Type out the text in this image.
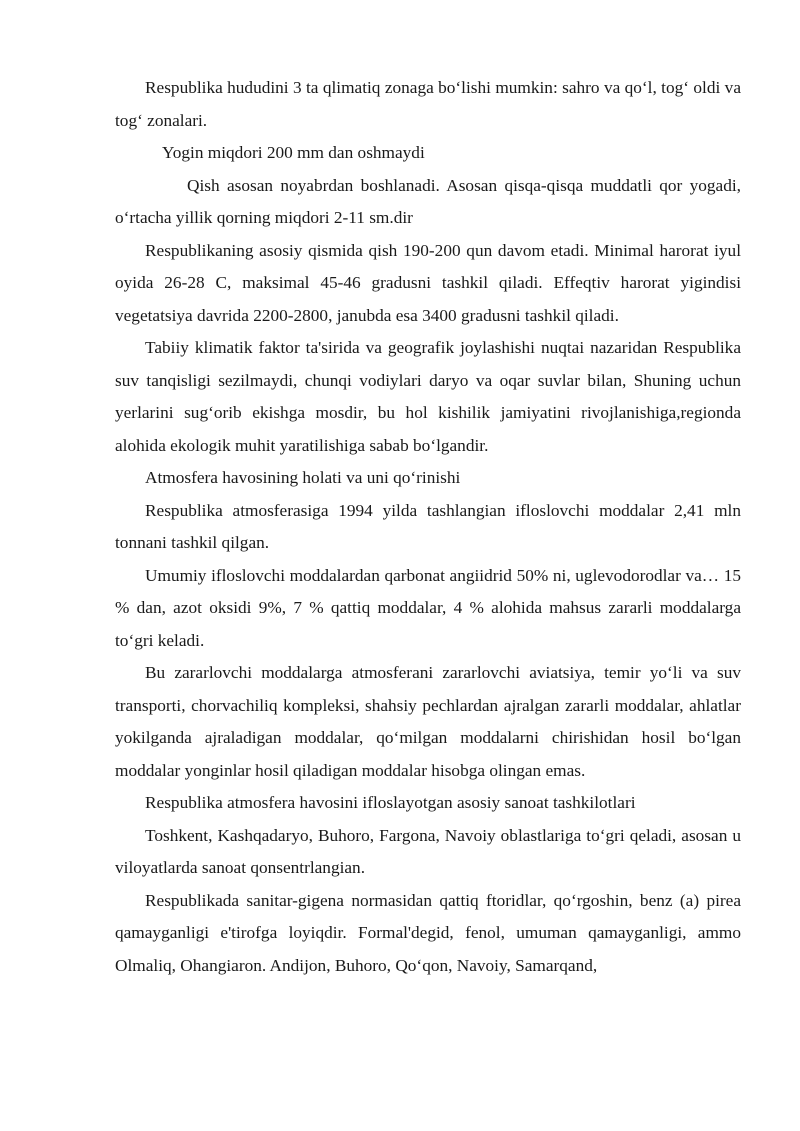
Respublika hududini 3 ta qlimatiq zonaga boʻlishi mumkin: sahro va qoʻl, togʻ oldi va togʻ zonalari.

Yogin miqdori 200 mm dan oshmaydi

Qish asosan noyabrdan boshlanadi. Asosan qisqa-qisqa muddatli qor yogadi, oʻrtacha yillik qorning miqdori 2-11 sm.dir

Respublikaning asosiy qismida qish 190-200 qun davom etadi. Minimal harorat iyul oyida 26-28 C, maksimal 45-46 gradusni tashkil qiladi. Effeqtiv harorat yigindisi vegetatsiya davrida 2200-2800, janubda esa 3400 gradusni tashkil qiladi.

Tabiiy klimatik faktor ta'sirida va geografik joylashishi nuqtai nazaridan Respublika suv tanqisligi sezilmaydi, chunqi vodiylari daryo va oqar suvlar bilan, Shuning uchun yerlarini sugʻorib ekishga mosdir, bu hol kishilik jamiyatini rivojlanishiga,regionda alohida ekologik muhit yaratilishiga sabab boʻlgandir.

Atmosfera havosining holati va uni qoʻrinishi

Respublika atmosferasiga 1994 yilda tashlangian ifloslovchi moddalar 2,41 mln tonnani tashkil qilgan.

Umumiy ifloslovchi moddalardan qarbonat angiidrid 50% ni, uglevodorodlar va… 15 % dan, azot oksidi 9%, 7 % qattiq moddalar, 4 % alohida mahsus zararli moddalarga toʻgri keladi.

Bu zararlovchi moddalarga atmosferani zararlovchi aviatsiya, temir yoʻli va suv transporti, chorvachiliq kompleksi, shahsiy pechlardan ajralgan zararli moddalar, ahlatlar yokilganda ajraladigan moddalar, qoʻmilgan moddalarni chirishidan hosil boʻlgan moddalar yonginlar hosil qiladigan moddalar hisobga olingan emas.

Respublika atmosfera havosini ifloslayotgan asosiy sanoat tashkilotlari

Toshkent, Kashqadaryo, Buhoro, Fargona, Navoiy oblastlariga toʻgri qeladi, asosan u viloyatlarda sanoat qonsentrlangian.

Respublikada sanitar-gigena normasidan qattiq ftoridlar, qoʻrgoshin, benz (a) pirea qamayganligi e'tirofga loyiqdir. Formal'degid, fenol, umuman qamayganligi, ammo Olmaliq, Ohangiaron. Andijon, Buhoro, Qoʻqon, Navoiy, Samarqand,
